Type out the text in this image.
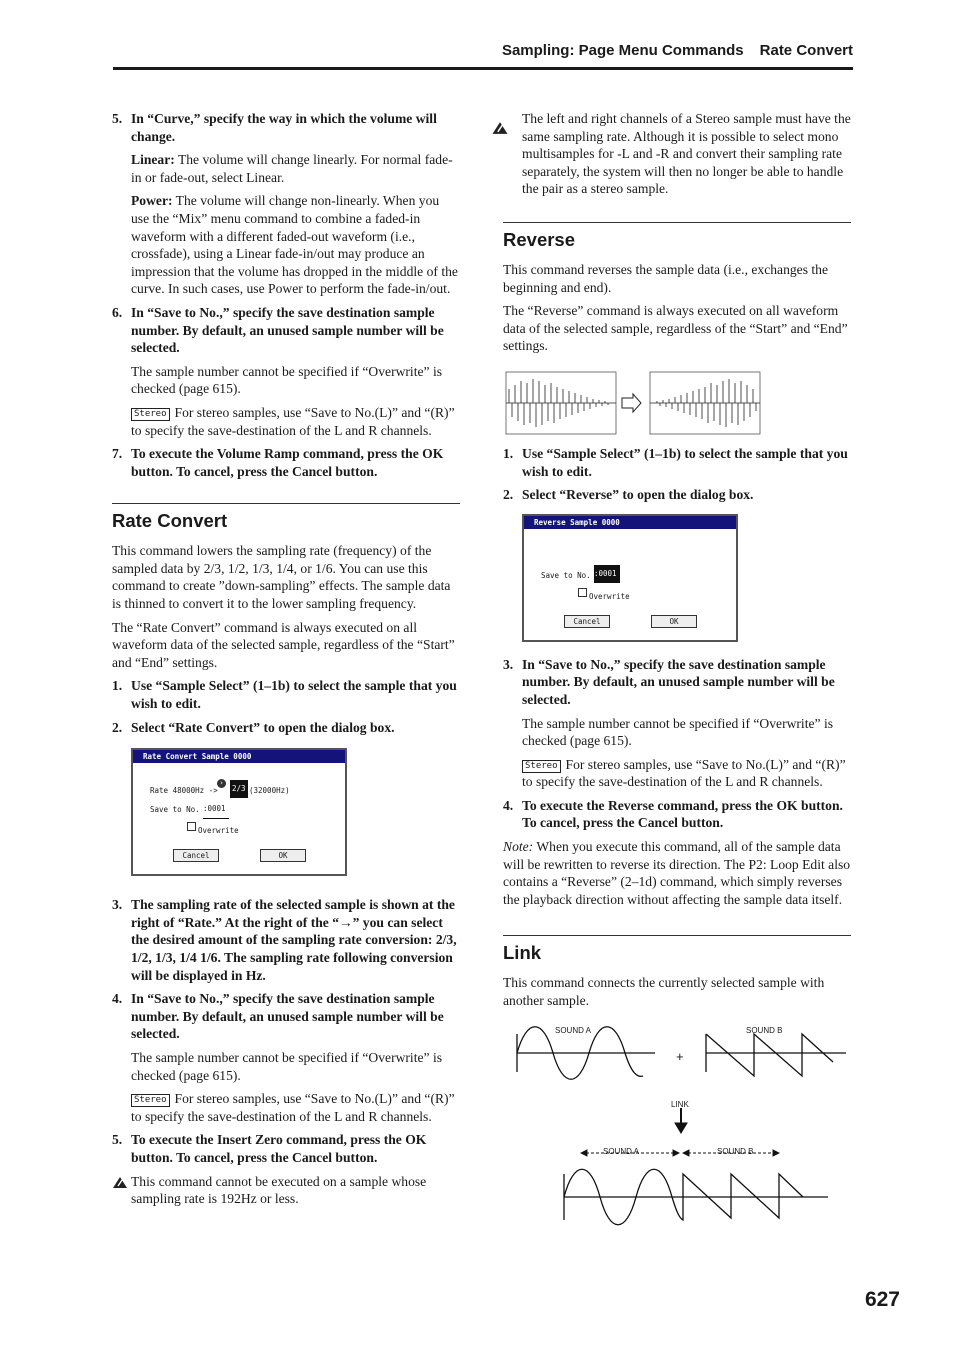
Sampling: Page Menu Commands Rate Convert
5. In “Curve,” specify the way in which the volume will change.

Linear: The volume will change linearly. For normal fade-in or fade-out, select Linear.

Power: The volume will change non-linearly. When you use the “Mix” menu command to combine a faded-in waveform with a different faded-out waveform (i.e., crossfade), using a Linear fade-in/out may produce an impression that the volume has dropped in the middle of the curve. In such cases, use Power to perform the fade-in/out.

6. In “Save to No.,” specify the save destination sample number. By default, an unused sample number will be selected.

The sample number cannot be specified if “Overwrite” is checked (page 615).

Stereo For stereo samples, use “Save to No.(L)” and “(R)” to specify the save-destination of the L and R channels.

7. To execute the Volume Ramp command, press the OK button. To cancel, press the Cancel button.
Rate Convert

This command lowers the sampling rate (frequency) of the sampled data by 2/3, 1/2, 1/3, 1/4, or 1/6. You can use this command to create ”down-sampling” effects. The sample data is thinned to convert it to the lower sampling frequency.

The “Rate Convert” command is always executed on all waveform data of the selected sample, regardless of the “Start” and “End” settings.

1. Use “Sample Select” (1–1b) to select the sample that you wish to edit.
2. Select “Rate Convert” to open the dialog box.
Rate Convert Sample 0000
Rate 48000Hz ->
›
2/3 (32000Hz)
Save to No. :0001
Overwrite
Cancel	OK
3. The sampling rate of the selected sample is shown at the right of “Rate.” At the right of the “→” you can select the desired amount of the sampling rate conversion: 2/3, 1/2, 1/3, 1/4 1/6. The sampling rate following conversion will be displayed in Hz.
4. In “Save to No.,” specify the save destination sample number. By default, an unused sample number will be selected.

The sample number cannot be specified if “Overwrite” is checked (page 615).

Stereo For stereo samples, use “Save to No.(L)” and “(R)” to specify the save-destination of the L and R channels.

5. To execute the Insert Zero command, press the OK button. To cancel, press the Cancel button.
This command cannot be executed on a sample whose sampling rate is 192Hz or less.
The left and right channels of a Stereo sample must have the same sampling rate. Although it is possible to select mono multisamples for -L and -R and convert their sampling rate separately, the system will then no longer be able to handle the pair as a stereo sample.
Reverse

This command reverses the sample data (i.e., exchanges the beginning and end).

The “Reverse” command is always executed on all waveform data of the selected sample, regardless of the “Start” and “End” settings.

1. Use “Sample Select” (1–1b) to select the sample that you wish to edit.
2. Select “Reverse” to open the dialog box.
Reverse Sample 0000
Save to No. :0001
Overwrite
Cancel	OK
3. In “Save to No.,” specify the save destination sample number. By default, an unused sample number will be selected.

The sample number cannot be specified if “Overwrite” is checked (page 615).

Stereo For stereo samples, use “Save to No.(L)” and “(R)” to specify the save-destination of the L and R channels.

4. To execute the Reverse command, press the OK button. To cancel, press the Cancel button.

Note: When you execute this command, all of the sample data will be rewritten to reverse its direction. The P2: Loop Edit also contains a “Reverse” (2–1d) command, which simply reverses the playback direction without affecting the sample data itself.

Link

This command connects the currently selected sample with another sample.

SOUND A	SOUND B
+
LINK
SOUND A	SOUND B
627
